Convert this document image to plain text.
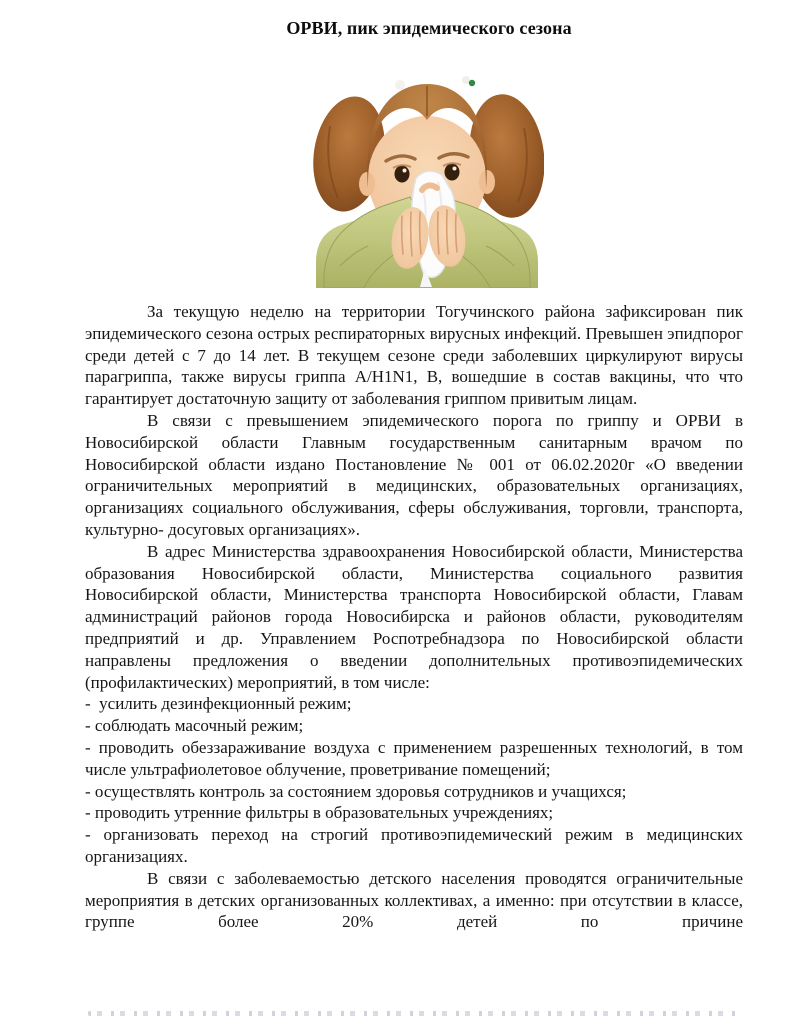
ОРВИ, пик эпидемического сезона

За текущую неделю на территории Тогучинского района зафиксирован пик эпидемического сезона острых респираторных вирусных инфекций. Превышен эпидпорог среди детей с 7 до 14 лет. В текущем сезоне среди заболевших циркулируют вирусы парагриппа, также вирусы гриппа A/H1N1, В, вошедшие в состав вакцины, что что гарантирует достаточную защиту от заболевания гриппом привитым лицам.

В связи с превышением эпидемического порога по гриппу и ОРВИ в Новосибирской области Главным государственным санитарным врачом по Новосибирской области издано Постановление № 001 от 06.02.2020г «О введении ограничительных мероприятий в медицинских, образовательных организациях, организациях социального обслуживания, сферы обслуживания, торговли, транспорта, культурно- досуговых организациях».

В адрес Министерства здравоохранения Новосибирской области, Министерства образования Новосибирской области, Министерства социального развития Новосибирской области, Министерства транспорта Новосибирской области, Главам администраций районов города Новосибирска и районов области, руководителям предприятий и др. Управлением Роспотребнадзора по Новосибирской области направлены предложения о введении дополнительных противоэпидемических (профилактических) мероприятий, в том числе:

-  усилить дезинфекционный режим;

- соблюдать масочный режим;

- проводить обеззараживание воздуха с применением разрешенных технологий, в том числе ультрафиолетовое облучение, проветривание помещений;

- осуществлять контроль за состоянием здоровья сотрудников и учащихся;

- проводить утренние фильтры в образовательных учреждениях;

- организовать переход на строгий противоэпидемический режим в медицинских организациях.

В связи с заболеваемостью детского населения проводятся ограничительные мероприятия в детских организованных коллективах, а именно: при отсутствии в классе, группе более 20% детей по причине
